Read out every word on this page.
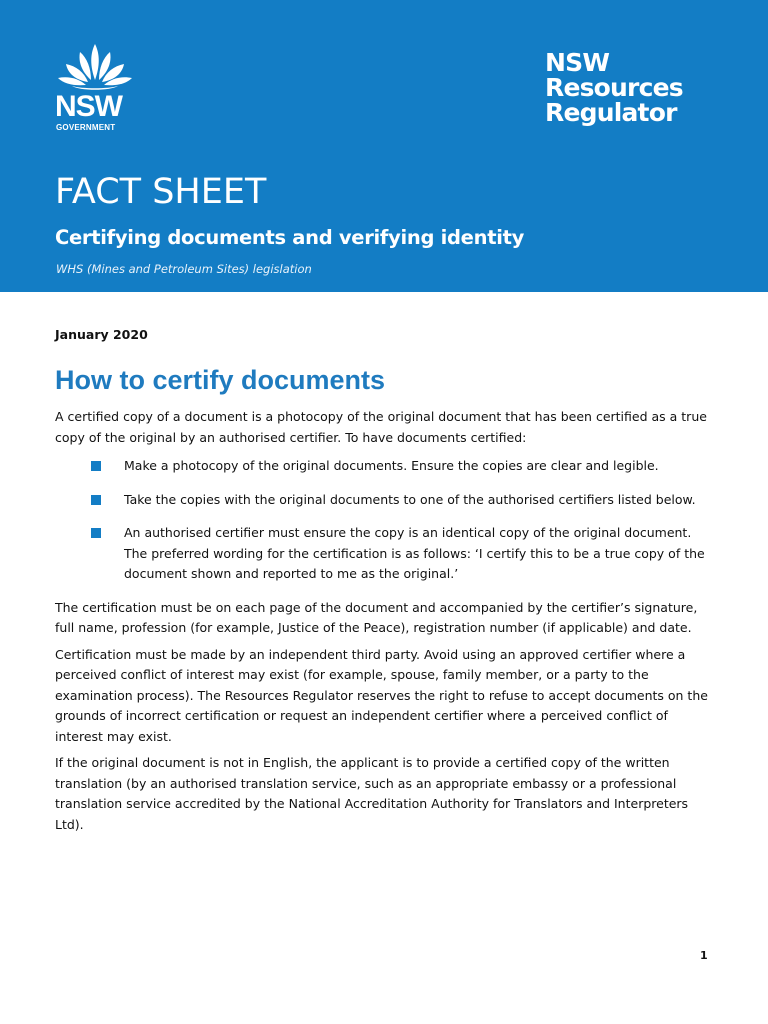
NSW
GOVERNMENT
NSW
Resources
Regulator
FACT SHEET
Certifying documents and verifying identity
WHS (Mines and Petroleum Sites) legislation
January 2020
How to certify documents

A certified copy of a document is a photocopy of the original document that has been certified as a true copy of the original by an authorised certifier. To have documents certified:

Make a photocopy of the original documents. Ensure the copies are clear and legible.
Take the copies with the original documents to one of the authorised certifiers listed below.
An authorised certifier must ensure the copy is an identical copy of the original document. The preferred wording for the certification is as follows: ‘I certify this to be a true copy of the document shown and reported to me as the original.’

The certification must be on each page of the document and accompanied by the certifier’s signature, full name, profession (for example, Justice of the Peace), registration number (if applicable) and date.

Certification must be made by an independent third party. Avoid using an approved certifier where a perceived conflict of interest may exist (for example, spouse, family member, or a party to the examination process). The Resources Regulator reserves the right to refuse to accept documents on the grounds of incorrect certification or request an independent certifier where a perceived conflict of interest may exist.

If the original document is not in English, the applicant is to provide a certified copy of the written translation (by an authorised translation service, such as an appropriate embassy or a professional translation service accredited by the National Accreditation Authority for Translators and Interpreters Ltd).

1
